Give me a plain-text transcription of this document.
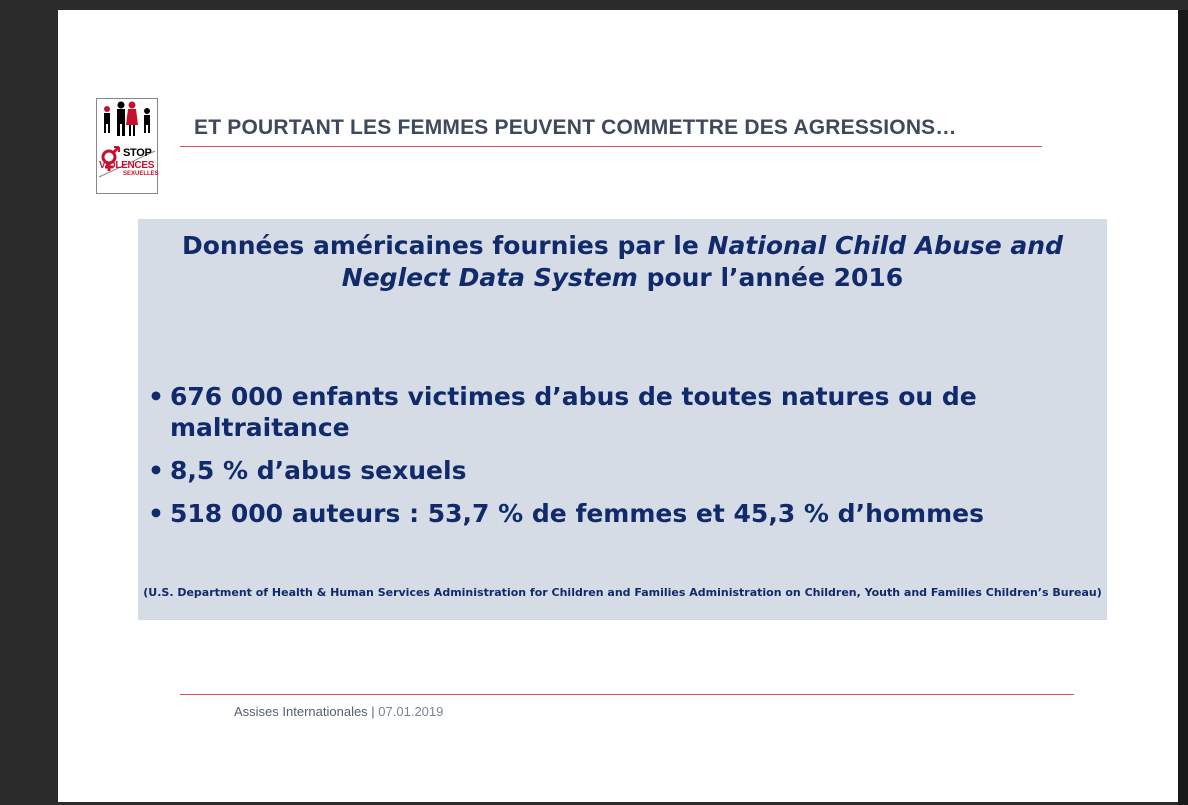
STOP
VIOLENCES
SEXUELLES
ET POURTANT LES FEMMES PEUVENT COMMETTRE DES AGRESSIONS…
Données américaines fournies par le National Child Abuse and
Neglect Data System pour l’année 2016
• 676 000 enfants victimes d’abus de toutes natures ou de maltraitance
• 8,5 % d’abus sexuels
• 518 000 auteurs : 53,7 % de femmes et 45,3 % d’hommes
(U.S. Department of Health & Human Services Administration for Children and Families Administration on Children, Youth and Families Children’s Bureau)
Assises Internationales | 07.01.2019
